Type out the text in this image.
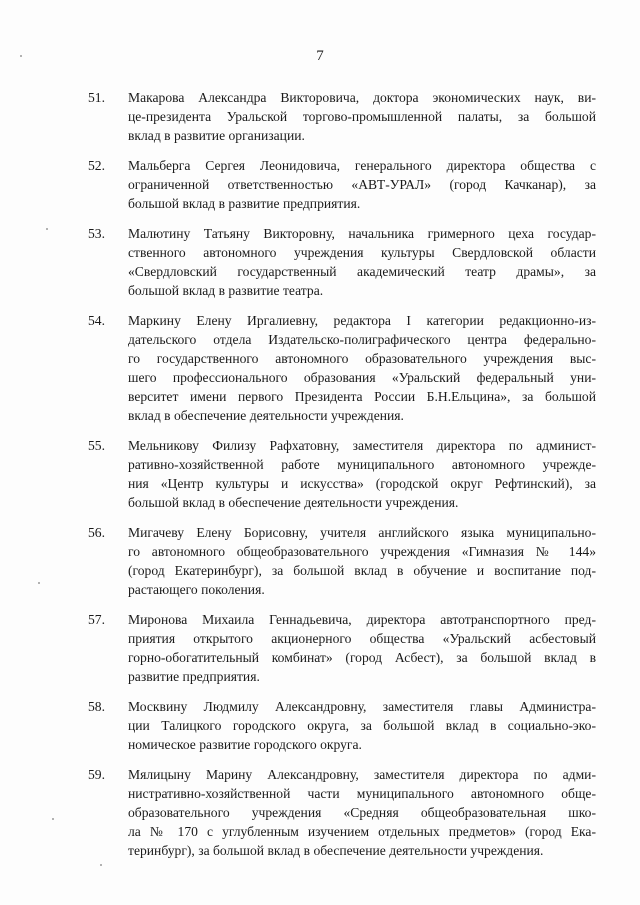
7
51. Макарова Александра Викторовича, доктора экономических наук, ви-
це-президента Уральской торгово-промышленной палаты, за большой
вклад в развитие организации.
52. Мальберга Сергея Леонидовича, генерального директора общества с
ограниченной ответственностью «АВТ-УРАЛ» (город Качканар), за
большой вклад в развитие предприятия.
53. Малютину Татьяну Викторовну, начальника гримерного цеха государ-
ственного автономного учреждения культуры Свердловской области
«Свердловский государственный академический театр драмы», за
большой вклад в развитие театра.
54. Маркину Елену Иргалиевну, редактора I категории редакционно-из-
дательского отдела Издательско-полиграфического центра федерально-
го государственного автономного образовательного учреждения выс-
шего профессионального образования «Уральский федеральный уни-
верситет имени первого Президента России Б.Н.Ельцина», за большой
вклад в обеспечение деятельности учреждения.
55. Мельникову Филизу Рафхатовну, заместителя директора по админист-
ративно-хозяйственной работе муниципального автономного учрежде-
ния «Центр культуры и искусства» (городской округ Рефтинский), за
большой вклад в обеспечение деятельности учреждения.
56. Мигачеву Елену Борисовну, учителя английского языка муниципально-
го автономного общеобразовательного учреждения «Гимназия № 144»
(город Екатеринбург), за большой вклад в обучение и воспитание под-
растающего поколения.
57. Миронова Михаила Геннадьевича, директора автотранспортного пред-
приятия открытого акционерного общества «Уральский асбестовый
горно-обогатительный комбинат» (город Асбест), за большой вклад в
развитие предприятия.
58. Москвину Людмилу Александровну, заместителя главы Администра-
ции Талицкого городского округа, за большой вклад в социально-эко-
номическое развитие городского округа.
59. Мялицыну Марину Александровну, заместителя директора по адми-
нистративно-хозяйственной части муниципального автономного обще-
образовательного учреждения «Средняя общеобразовательная шко-
ла № 170 с углубленным изучением отдельных предметов» (город Ека-
теринбург), за большой вклад в обеспечение деятельности учреждения.
